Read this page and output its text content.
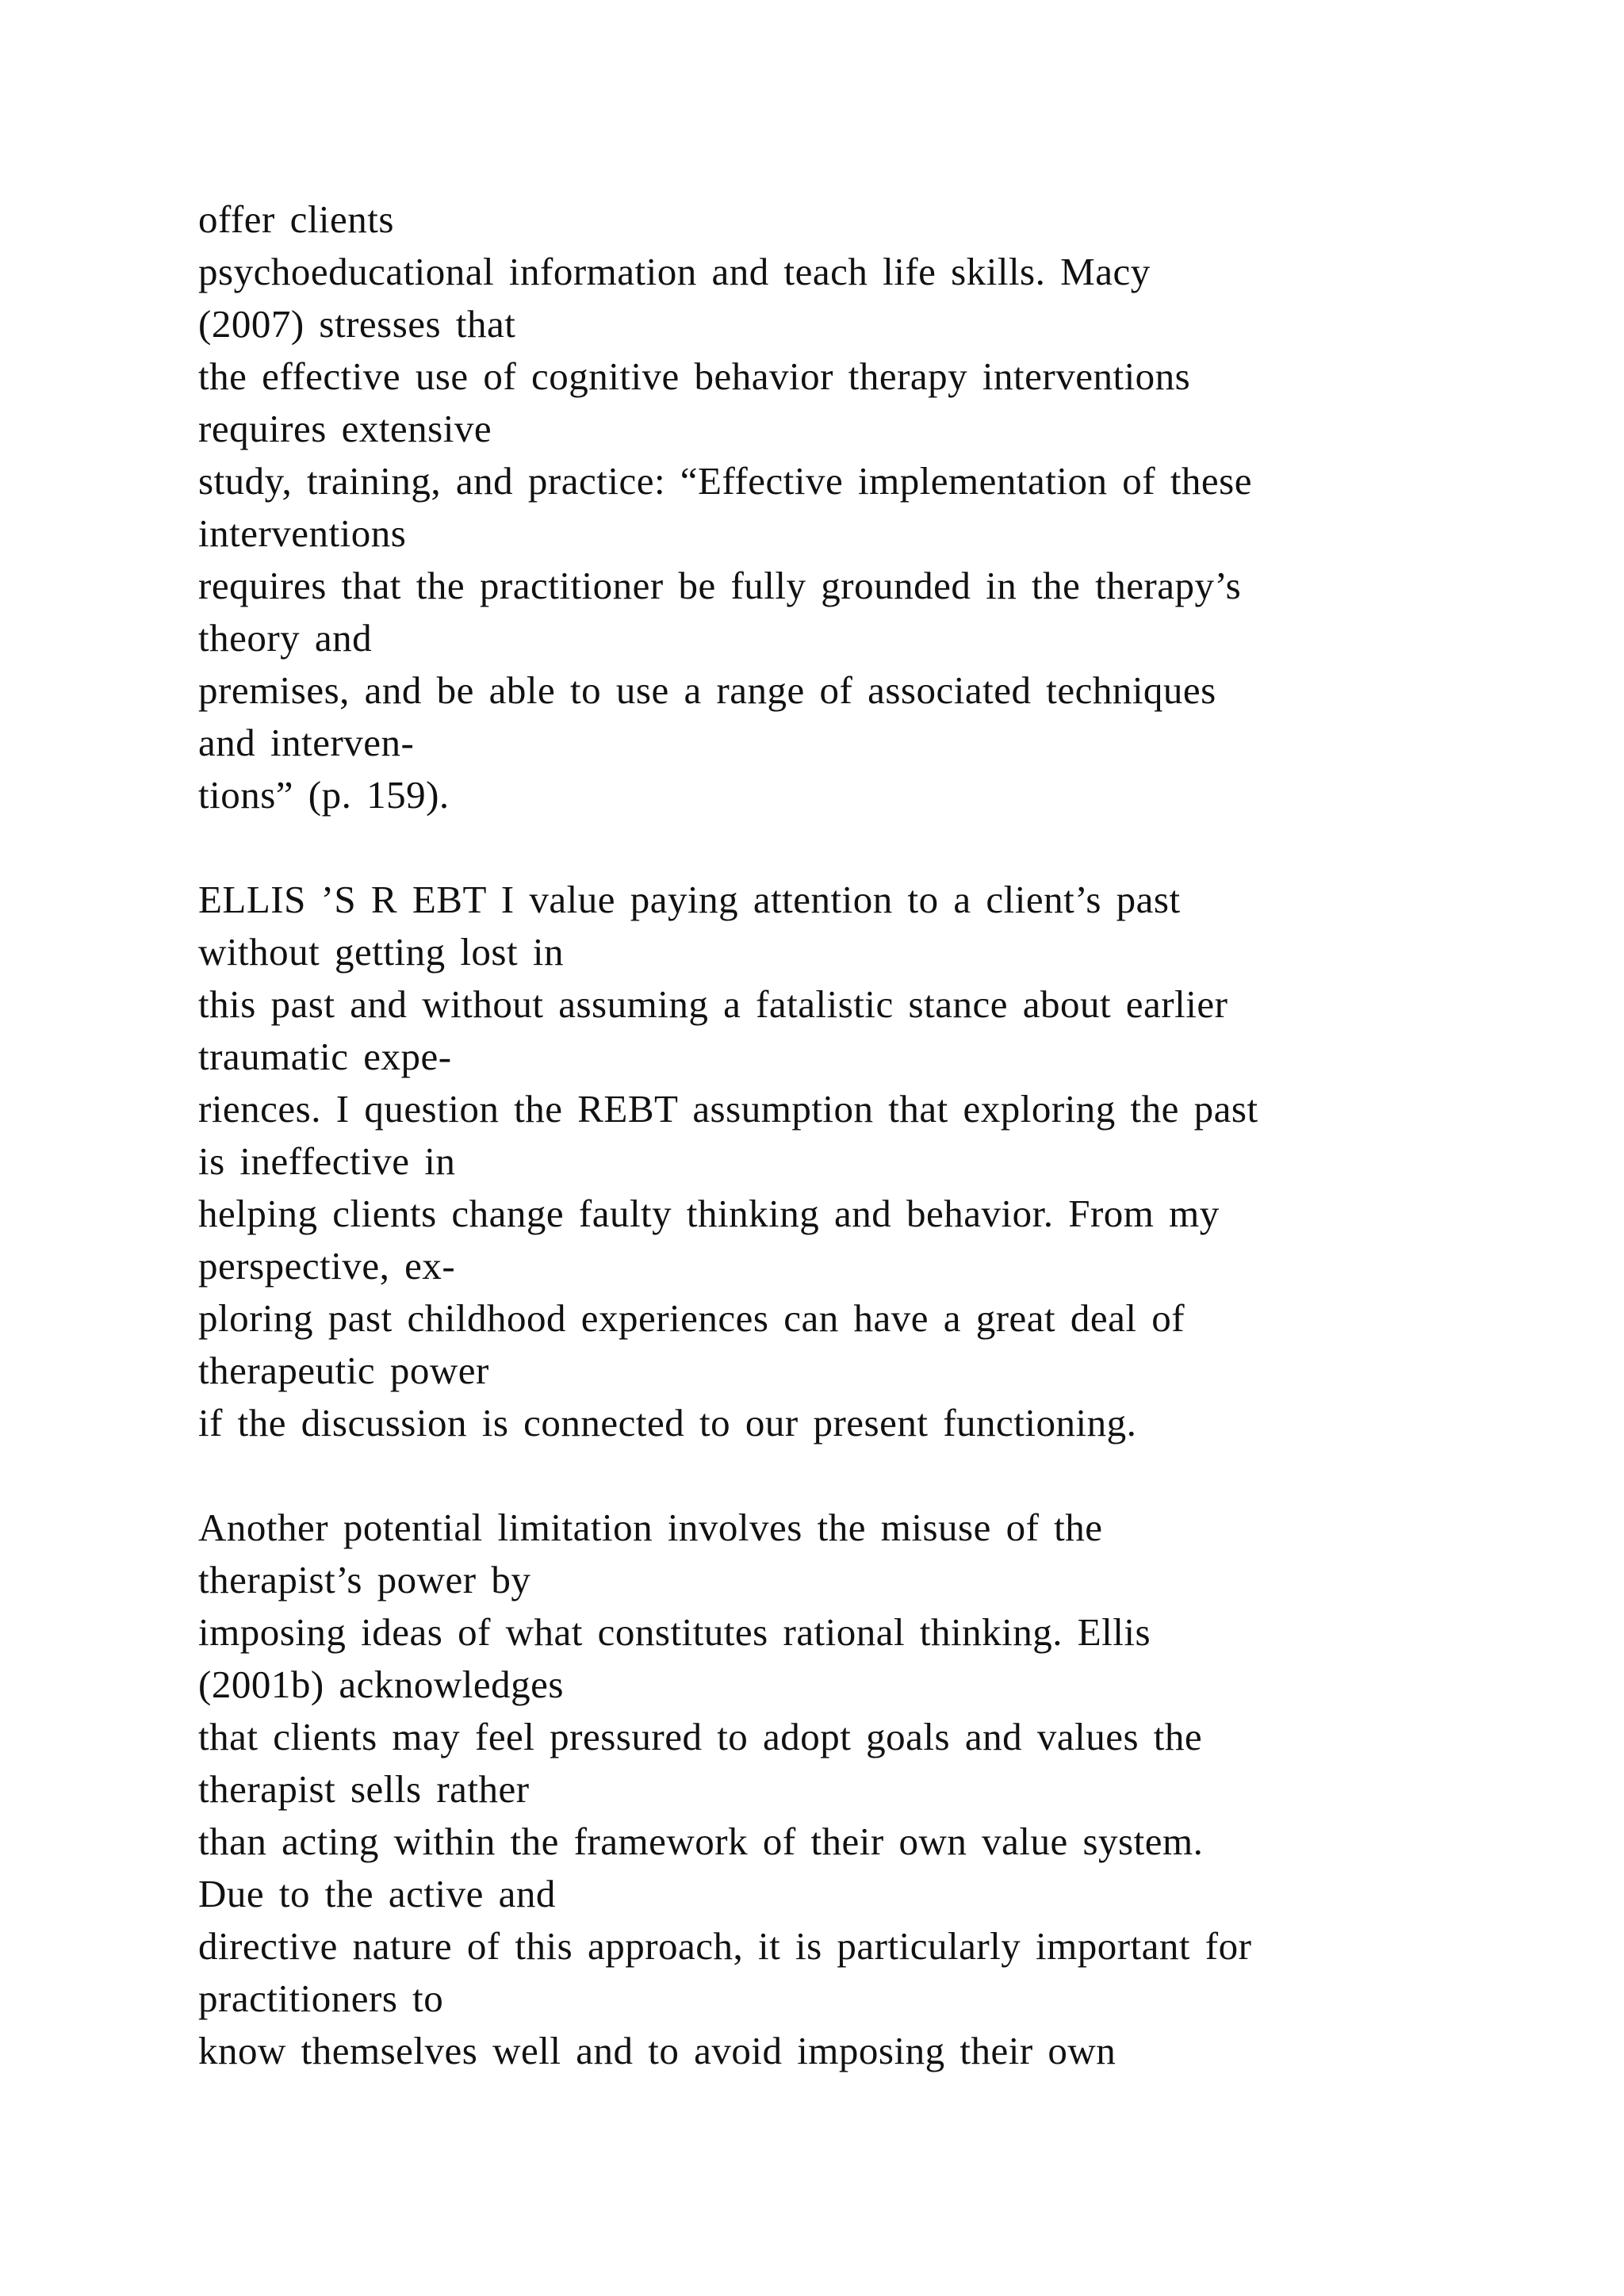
offer clients
psychoeducational information and teach life skills. Macy
(2007) stresses that
the effective use of cognitive behavior therapy interventions
requires extensive
study, training, and practice: “Effective implementation of these
interventions
requires that the practitioner be fully grounded in the therapy’s
theory and
premises, and be able to use a range of associated techniques
and interven-
tions” (p. 159).
ELLIS ’S R EBT I value paying attention to a client’s past
without getting lost in
this past and without assuming a fatalistic stance about earlier
traumatic expe-
riences. I question the REBT assumption that exploring the past
is ineffective in
helping clients change faulty thinking and behavior. From my
perspective, ex-
ploring past childhood experiences can have a great deal of
therapeutic power
if the discussion is connected to our present functioning.
Another potential limitation involves the misuse of the
therapist’s power by
imposing ideas of what constitutes rational thinking. Ellis
(2001b) acknowledges
that clients may feel pressured to adopt goals and values the
therapist sells rather
than acting within the framework of their own value system.
Due to the active and
directive nature of this approach, it is particularly important for
practitioners to
know themselves well and to avoid imposing their own
